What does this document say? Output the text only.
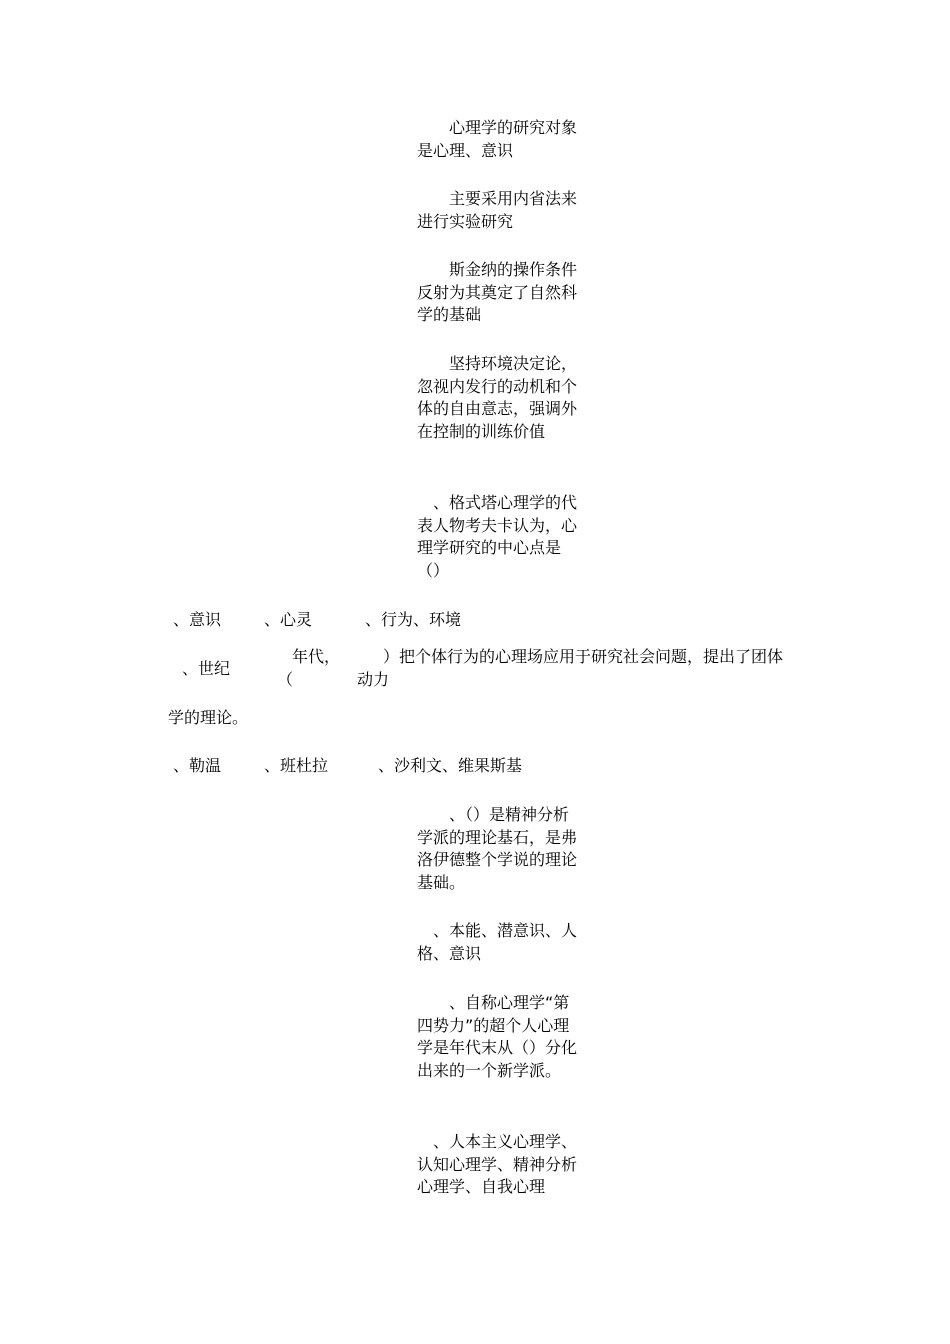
　　心理学的研究对象是心理、意识
　　主要采用内省法来进行实验研究
　　斯金纳的操作条件反射为其奠定了自然科学的基础
　　坚持环境决定论，忽视内发行的动机和个体的自由意志，强调外在控制的训练价值
　、格式塔心理学的代表人物考夫卡认为，心理学研究的中心点是（）
、意识	、心灵	、行为、环境
、世纪
年代，
（
）把个体行为的心理场应用于研究社会问题，提出了团体
动力
学的理论。
、勒温	、班杜拉	、沙利文、维果斯基
　　、（）是精神分析学派的理论基石，是弗洛伊德整个学说的理论基础。
　、本能、潜意识、人格、意识
　　、自称心理学“第四势力”的超个人心理学是年代末从（）分化出来的一个新学派。
　、人本主义心理学、认知心理学、精神分析心理学、自我心理
